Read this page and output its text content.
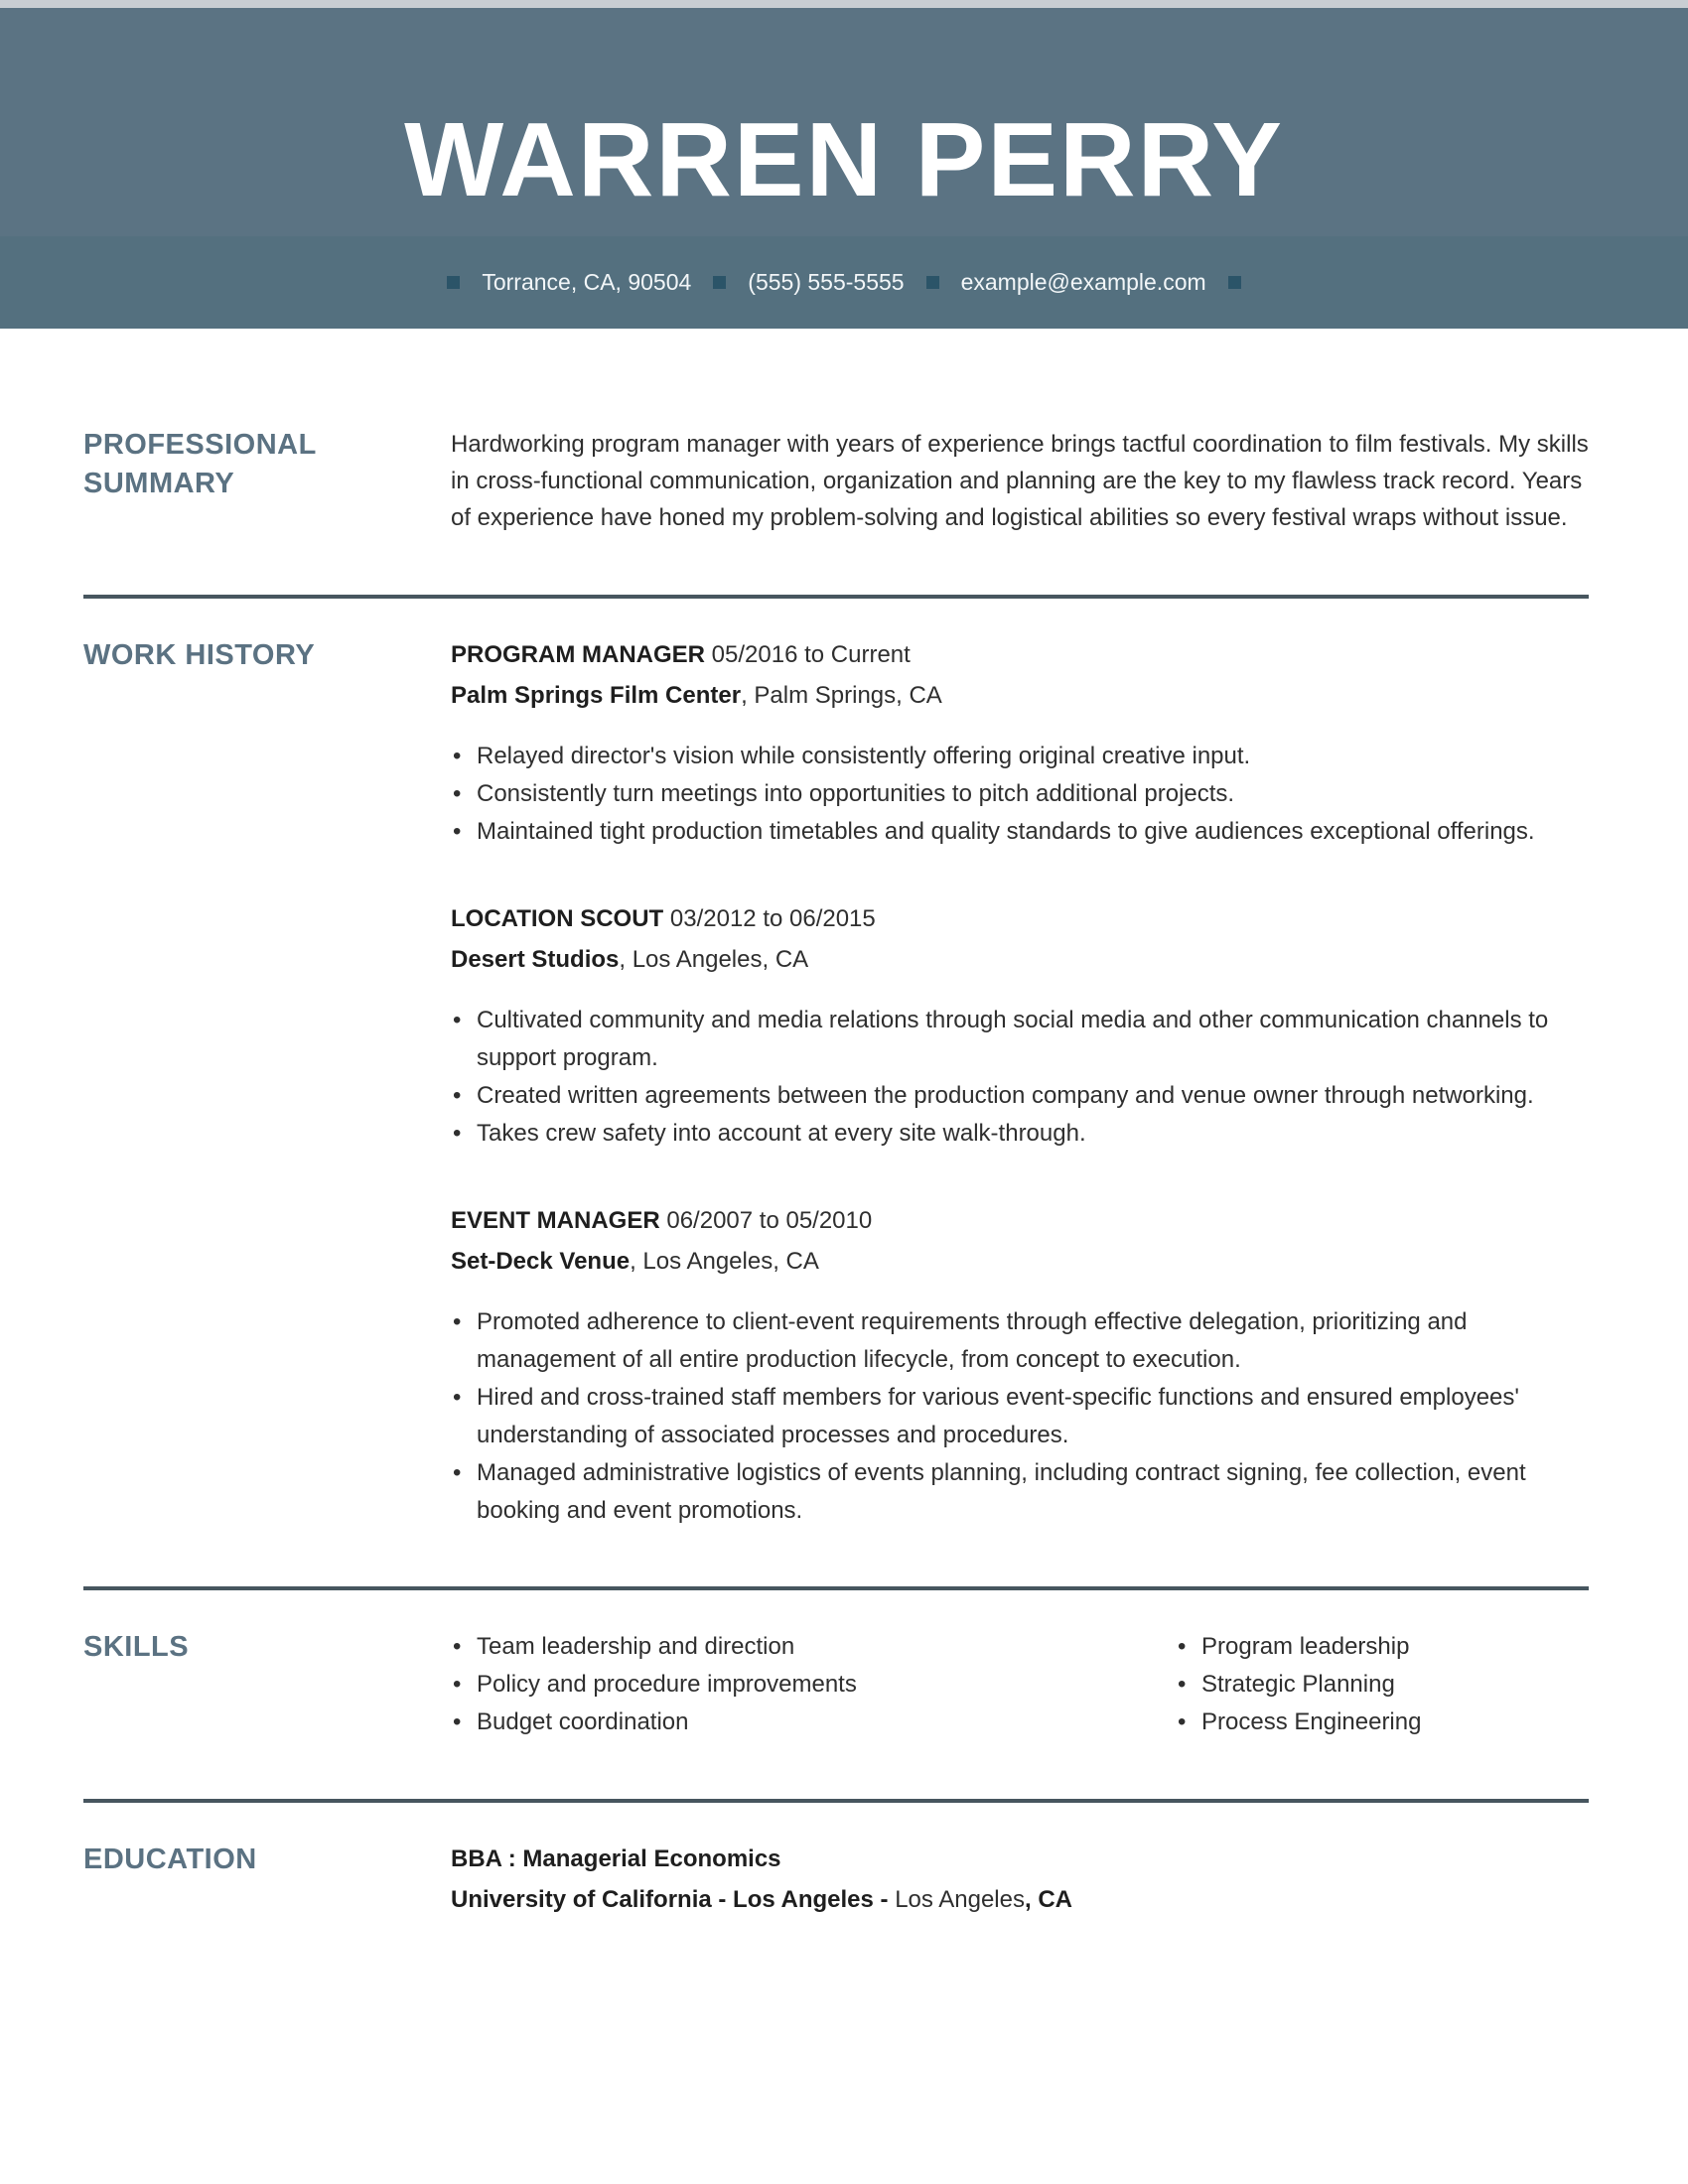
WARREN PERRY
Torrance, CA, 90504 (555) 555-5555 example@example.com
PROFESSIONAL SUMMARY

Hardworking program manager with years of experience brings tactful coordination to film festivals. My skills in cross-functional communication, organization and planning are the key to my flawless track record. Years of experience have honed my problem-solving and logistical abilities so every festival wraps without issue.

WORK HISTORY	PROGRAM MANAGER 05/2016 to Current
Palm Springs Film Center, Palm Springs, CA
• Relayed director's vision while consistently offering original creative input.
• Consistently turn meetings into opportunities to pitch additional projects.
• Maintained tight production timetables and quality standards to give audiences exceptional offerings.
LOCATION SCOUT 03/2012 to 06/2015
Desert Studios, Los Angeles, CA
• Cultivated community and media relations through social media and other communication channels to support program.
• Created written agreements between the production company and venue owner through networking.
• Takes crew safety into account at every site walk-through.
EVENT MANAGER 06/2007 to 05/2010
Set-Deck Venue, Los Angeles, CA
• Promoted adherence to client-event requirements through effective delegation, prioritizing and management of all entire production lifecycle, from concept to execution.
• Hired and cross-trained staff members for various event-specific functions and ensured employees' understanding of associated processes and procedures.
• Managed administrative logistics of events planning, including contract signing, fee collection, event booking and event promotions.
SKILLS	• Team leadership and direction
• Policy and procedure improvements
• Budget coordination
• Program leadership
• Strategic Planning
• Process Engineering
EDUCATION	BBA : Managerial Economics

University of California - Los Angeles - Los Angeles, CA
